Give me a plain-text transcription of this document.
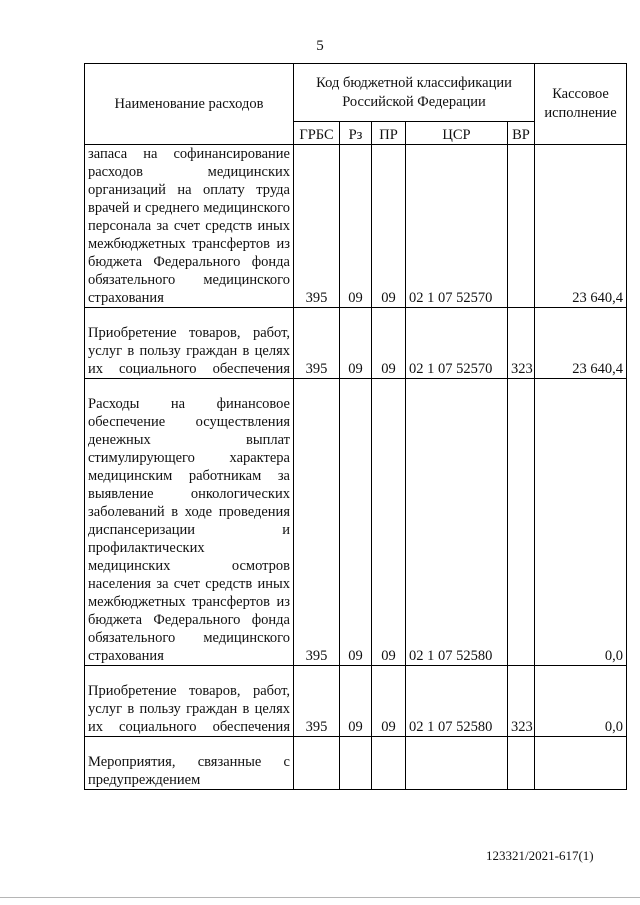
5
Наименование расходов	Код бюджетной классификации Российской Федерации					Кассовое исполнение
	ГРБС	Рз	ПР	ЦСР	ВР	
запаса на софинансирование расходов медицинских организаций на оплату труда врачей и среднего медицинского персонала за счет средств иных межбюджетных трансфертов из бюджета Федерального фонда обязательного медицинского страхования	395	09	09	02 1 07 52570		23 640,4
Приобретение товаров, работ, услуг в пользу граждан в целях их социального обеспечения	395	09	09	02 1 07 52570	323	23 640,4
Расходы на финансовое обеспечение осуществления денежных выплат стимулирующего характера медицинским работникам за выявление онкологических заболеваний в ходе проведения диспансеризации и профилактических медицинских осмотров населения за счет средств иных межбюджетных трансфертов из бюджета Федерального фонда обязательного медицинского страхования	395	09	09	02 1 07 52580		0,0
Приобретение товаров, работ, услуг в пользу граждан в целях их социального обеспечения	395	09	09	02 1 07 52580	323	0,0
Мероприятия, связанные с предупреждением						
123321/2021-617(1)
